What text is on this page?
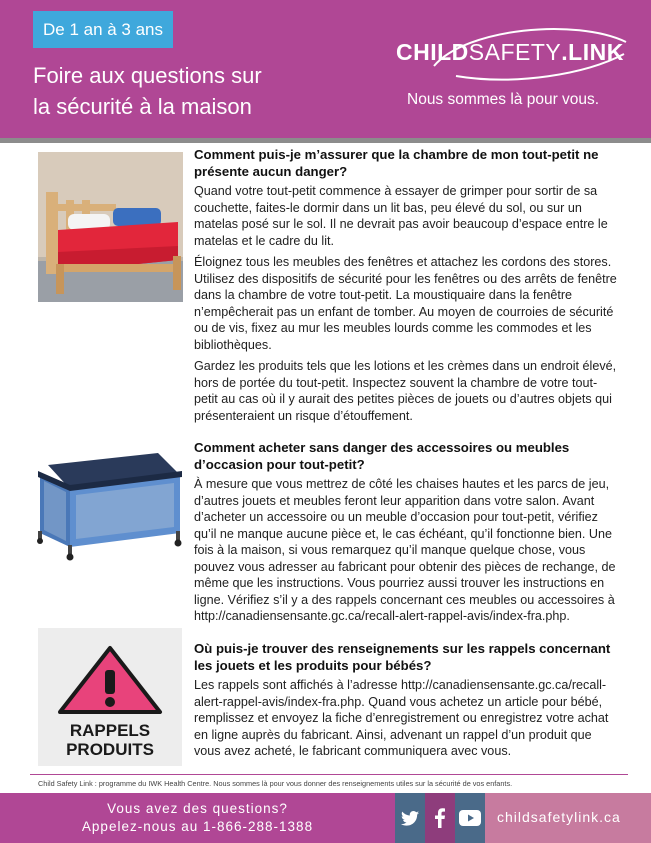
De 1 an à 3 ans
Foire aux questions sur
la sécurité à la maison
CHILDSAFETY.LINK
Nous sommes là pour vous.
Comment puis-je m’assurer que la chambre de mon tout-petit ne présente aucun danger?

Quand votre tout-petit commence à essayer de grimper pour sortir de sa couchette, faites-le dormir dans un lit bas, peu élevé du sol, ou sur un matelas posé sur le sol. Il ne devrait pas avoir beaucoup d’espace entre le matelas et le cadre du lit.

Éloignez tous les meubles des fenêtres et attachez les cordons des stores. Utilisez des dispositifs de sécurité pour les fenêtres ou des arrêts de fenêtre dans la chambre de votre tout-petit. La moustiquaire dans la fenêtre n’empêcherait pas un enfant de tomber. Au moyen de courroies de sécurité ou de vis, fixez au mur les meubles lourds comme les commodes et les bibliothèques.

Gardez les produits tels que les lotions et les crèmes dans un endroit élevé, hors de portée du tout-petit. Inspectez souvent la chambre de votre tout-petit au cas où il y aurait des petites pièces de jouets ou d’autres objets qui présenteraient un risque d’étouffement.

Comment acheter sans danger des accessoires ou meubles d’occasion pour tout-petit?

À mesure que vous mettrez de côté les chaises hautes et les parcs de jeu, d’autres jouets et meubles feront leur apparition dans votre salon. Avant d’acheter un accessoire ou un meuble d’occasion pour tout-petit, vérifiez qu’il ne manque aucune pièce et, le cas échéant, qu’il fonctionne bien. Une fois à la maison, si vous remarquez qu’il manque quelque chose, vous pouvez vous adresser au fabricant pour obtenir des pièces de rechange, de même que les instructions. Vous pourriez aussi trouver les instructions en ligne. Vérifiez s’il y a des rappels concernant ces meubles ou accessoires à http://canadiensensante.gc.ca/recall-alert-rappel-avis/index-fra.php.

RAPPELS
PRODUITS
Où puis-je trouver des renseignements sur les rappels concernant les jouets et les produits pour bébés?

Les rappels sont affichés à l’adresse http://canadiensensante.gc.ca/recall-alert-rappel-avis/index-fra.php. Quand vous achetez un article pour bébé, remplissez et envoyez la fiche d’enregistrement ou enregistrez votre achat en ligne auprès du fabricant. Ainsi, advenant un rappel d’un produit que vous avez acheté, le fabricant communiquera avec vous.

Child Safety Link : programme du IWK Health Centre. Nous sommes là pour vous donner des renseignements utiles sur la sécurité de vos enfants.
Vous avez des questions?
Appelez-nous au 1-866-288-1388
childsafetylink.ca
